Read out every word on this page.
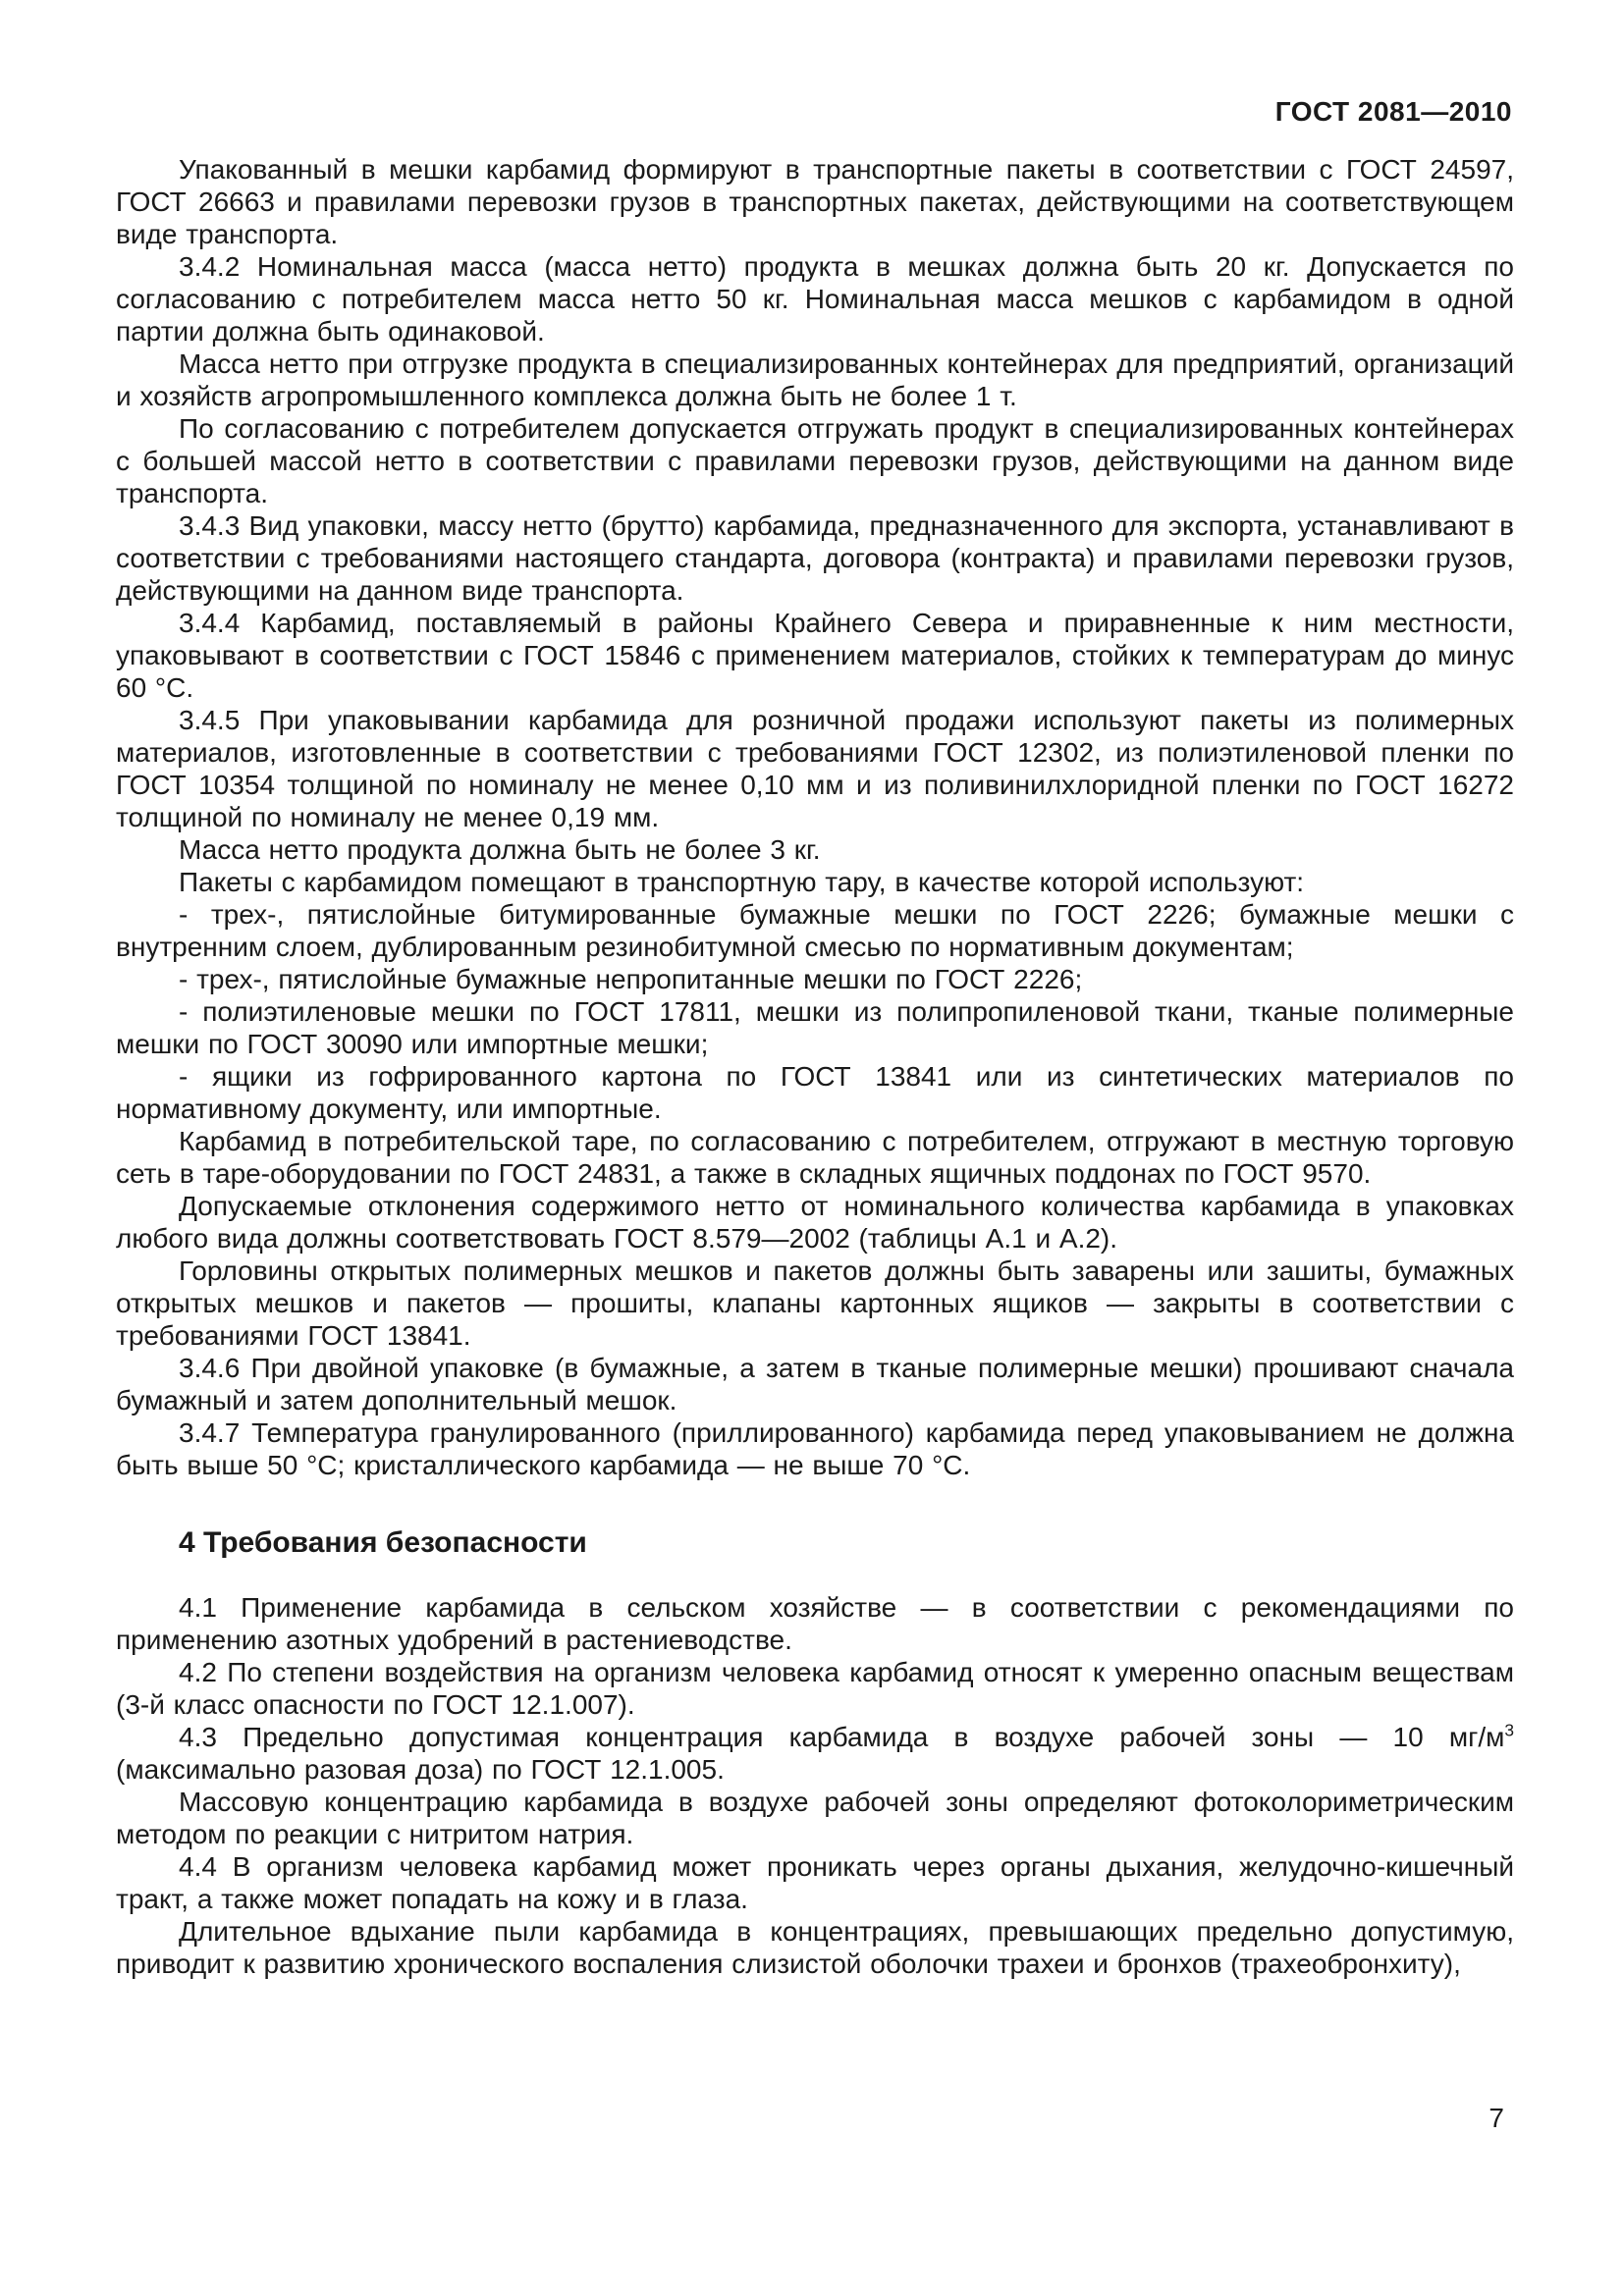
ГОСТ 2081—2010

Упакованный в мешки карбамид формируют в транспортные пакеты в соответствии с ГОСТ 24597, ГОСТ 26663 и правилами перевозки грузов в транспортных пакетах, действующими на соответствующем виде транспорта.

3.4.2 Номинальная масса (масса нетто) продукта в мешках должна быть 20 кг. Допускается по согласованию с потребителем масса нетто 50 кг. Номинальная масса мешков с карбамидом в одной партии должна быть одинаковой.

Масса нетто при отгрузке продукта в специализированных контейнерах для предприятий, организаций и хозяйств агропромышленного комплекса должна быть не более 1 т.

По согласованию с потребителем допускается отгружать продукт в специализированных контейнерах с большей массой нетто в соответствии с правилами перевозки грузов, действующими на данном виде транспорта.

3.4.3 Вид упаковки, массу нетто (брутто) карбамида, предназначенного для экспорта, устанавливают в соответствии с требованиями настоящего стандарта, договора (контракта) и правилами перевозки грузов, действующими на данном виде транспорта.

3.4.4 Карбамид, поставляемый в районы Крайнего Севера и приравненные к ним местности, упаковывают в соответствии с ГОСТ 15846 с применением материалов, стойких к температурам до минус 60 °С.

3.4.5 При упаковывании карбамида для розничной продажи используют пакеты из полимерных материалов, изготовленные в соответствии с требованиями ГОСТ 12302, из полиэтиленовой пленки по ГОСТ 10354 толщиной по номиналу не менее 0,10 мм и из поливинилхлоридной пленки по ГОСТ 16272 толщиной по номиналу не менее 0,19 мм.

Масса нетто продукта должна быть не более 3 кг.

Пакеты с карбамидом помещают в транспортную тару, в качестве которой используют:

- трех-, пятислойные битумированные бумажные мешки по ГОСТ 2226; бумажные мешки с внутренним слоем, дублированным резинобитумной смесью по нормативным документам;

- трех-, пятислойные бумажные непропитанные мешки по ГОСТ 2226;

- полиэтиленовые мешки по ГОСТ 17811, мешки из полипропиленовой ткани, тканые полимерные мешки по ГОСТ 30090 или импортные мешки;

- ящики из гофрированного картона по ГОСТ 13841 или из синтетических материалов по нормативному документу, или импортные.

Карбамид в потребительской таре, по согласованию с потребителем, отгружают в местную торговую сеть в таре-оборудовании по ГОСТ 24831, а также в складных ящичных поддонах по ГОСТ 9570.

Допускаемые отклонения содержимого нетто от номинального количества карбамида в упаковках любого вида должны соответствовать ГОСТ 8.579—2002 (таблицы А.1 и А.2).

Горловины открытых полимерных мешков и пакетов должны быть заварены или зашиты, бумажных открытых мешков и пакетов — прошиты, клапаны картонных ящиков — закрыты в соответствии с требованиями ГОСТ 13841.

3.4.6 При двойной упаковке (в бумажные, а затем в тканые полимерные мешки) прошивают сначала бумажный и затем дополнительный мешок.

3.4.7 Температура гранулированного (приллированного) карбамида перед упаковыванием не должна быть выше 50 °С; кристаллического карбамида — не выше 70 °С.

4 Требования безопасности

4.1 Применение карбамида в сельском хозяйстве — в соответствии с рекомендациями по применению азотных удобрений в растениеводстве.

4.2 По степени воздействия на организм человека карбамид относят к умеренно опасным веществам (3-й класс опасности по ГОСТ 12.1.007).

4.3 Предельно допустимая концентрация карбамида в воздухе рабочей зоны — 10 $мг/м^3$ (максимально разовая доза) по ГОСТ 12.1.005.

Массовую концентрацию карбамида в воздухе рабочей зоны определяют фотоколориметрическим методом по реакции с нитритом натрия.

4.4 В организм человека карбамид может проникать через органы дыхания, желудочно-кишечный тракт, а также может попадать на кожу и в глаза.

Длительное вдыхание пыли карбамида в концентрациях, превышающих предельно допустимую, приводит к развитию хронического воспаления слизистой оболочки трахеи и бронхов (трахеобронхиту),

7
